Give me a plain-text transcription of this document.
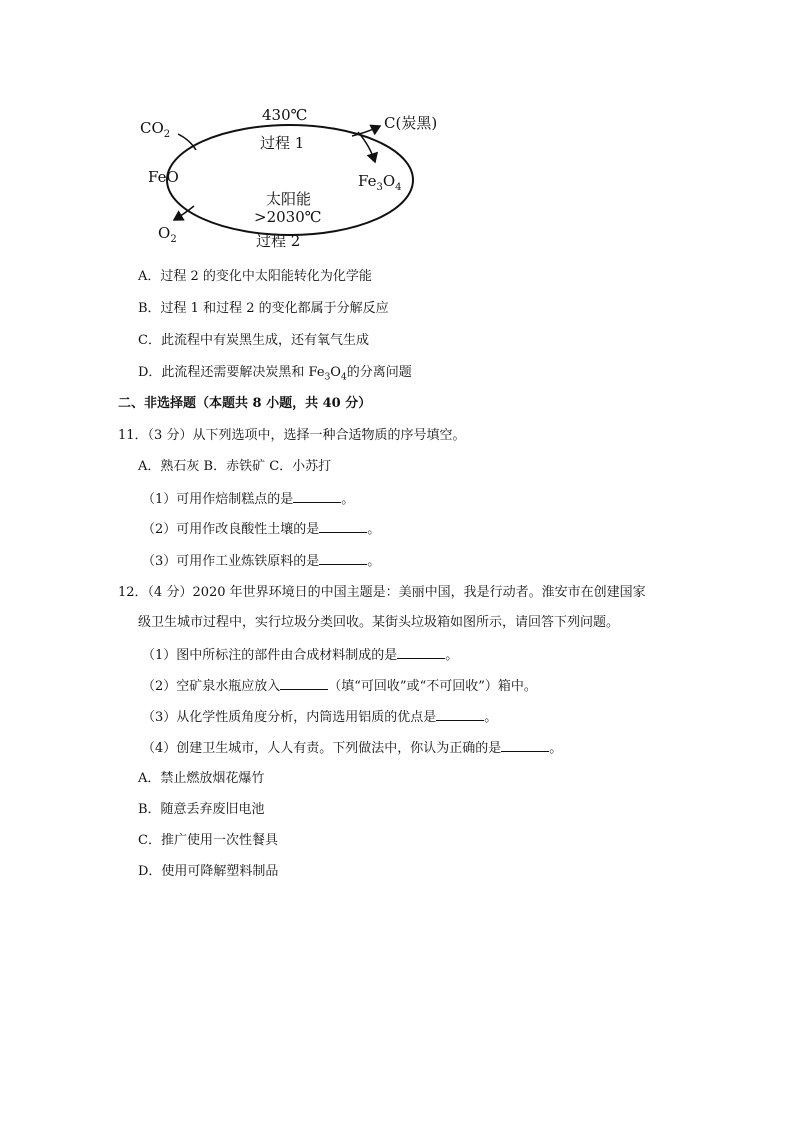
430℃
过程 1
$CO_2$
C(炭黑)
FeO	$Fe_3O_4$
太阳能
>2030℃
过程 2
$O_2$
A．过程 2 的变化中太阳能转化为化学能
B．过程 1 和过程 2 的变化都属于分解反应
C．此流程中有炭黑生成，还有氧气生成
D．此流程还需要解决炭黑和 $Fe_3O_4$的分离问题
二、非选择题（本题共 8 小题，共 40 分）
11．（3 分）从下列选项中，选择一种合适物质的序号填空。
A．熟石灰 B．赤铁矿 C．小苏打
（1）可用作焙制糕点的是	。
（2）可用作改良酸性土壤的是	。
（3）可用作工业炼铁原料的是	。
12．（4 分）2020 年世界环境日的中国主题是：美丽中国，我是行动者。淮安市在创建国家
级卫生城市过程中，实行垃圾分类回收。某街头垃圾箱如图所示，请回答下列问题。
（1）图中所标注的部件由合成材料制成的是	。
（2）空矿泉水瓶应放入	（填“可回收”或“不可回收”）箱中。
（3）从化学性质角度分析，内筒选用铝质的优点是	。
（4）创建卫生城市，人人有责。下列做法中，你认为正确的是	。
A．禁止燃放烟花爆竹
B．随意丢弃废旧电池
C．推广使用一次性餐具
D．使用可降解塑料制品
